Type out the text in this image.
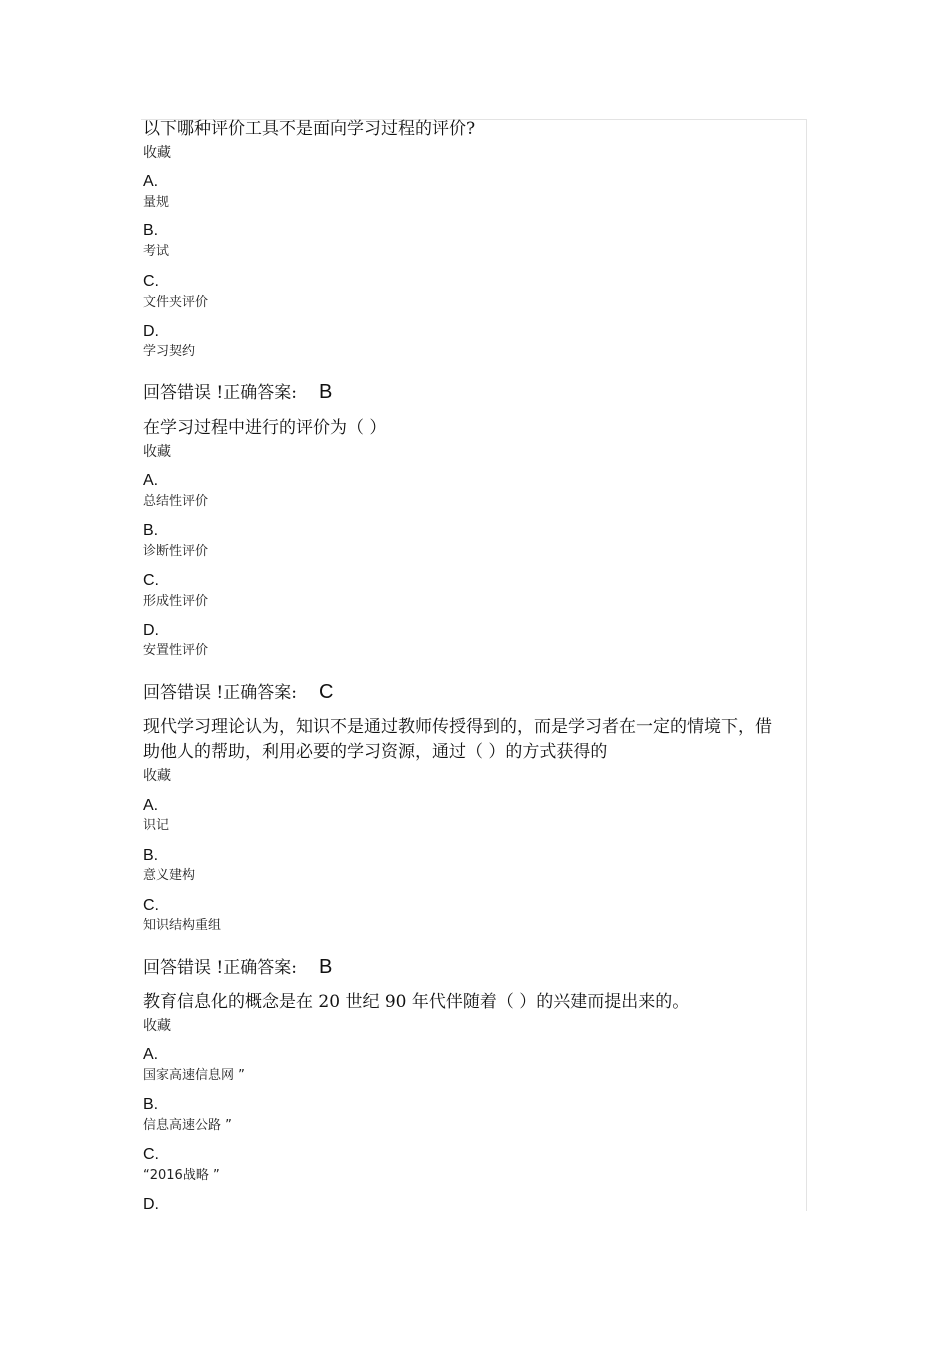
以下哪种评价工具不是面向学习过程的评价?
收藏
A.
量规
B.
考试
C.
文件夹评价
D.
学习契约
回答错误 !正确答案: B
在学习过程中进行的评价为（ ）
收藏
A.
总结性评价
B.
诊断性评价
C.
形成性评价
D.
安置性评价
回答错误 !正确答案: C
现代学习理论认为，知识不是通过教师传授得到的，而是学习者在一定的情境下，借助他人的帮助，利用必要的学习资源，通过（ ）的方式获得的
收藏
A.
识记
B.
意义建构
C.
知识结构重组
回答错误 !正确答案: B
教育信息化的概念是在 20 世纪 90 年代伴随着（ ）的兴建而提出来的。
收藏
A.
国家高速信息网 ”
B.
信息高速公路 ”
C.
“2016战略 ”
D.
